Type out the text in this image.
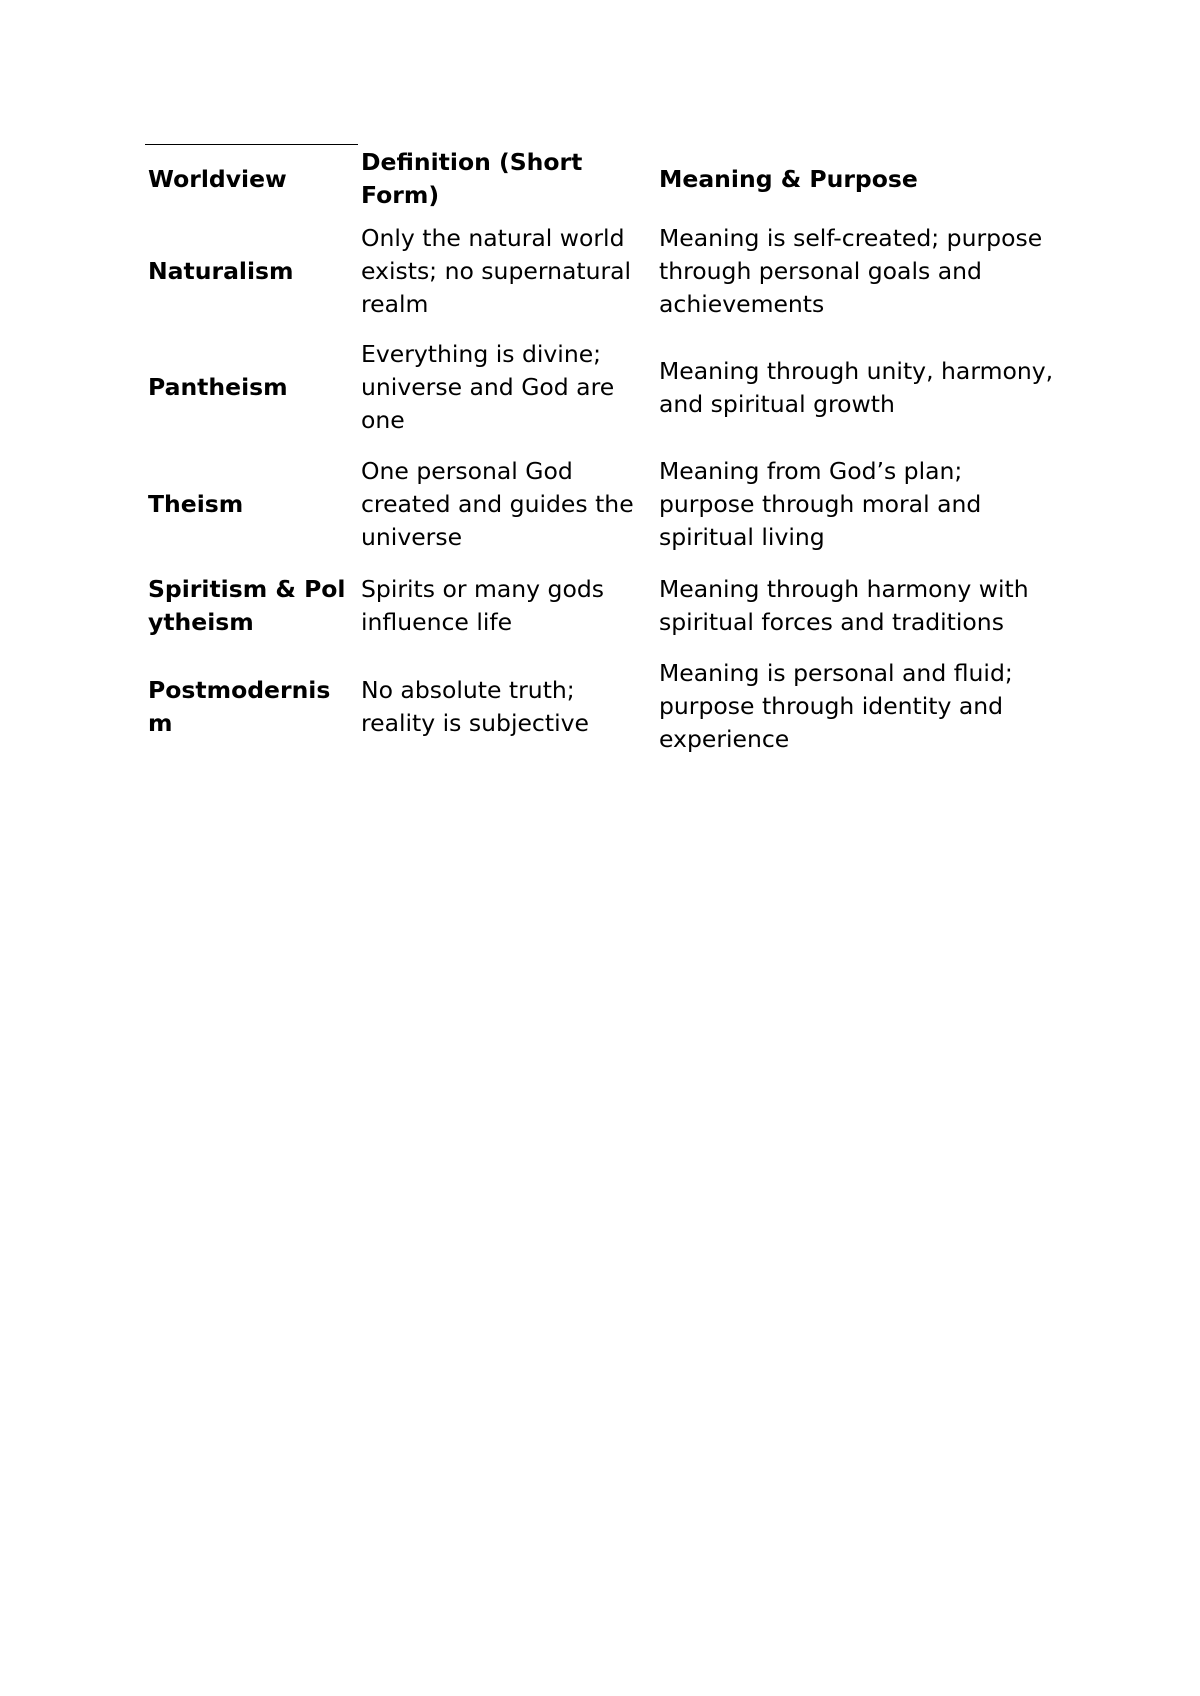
Worldview	Definition (Short Form)	Meaning & Purpose
Naturalism	Only the natural world exists; no supernatural realm	Meaning is self-created; purpose through personal goals and achievements
Pantheism	Everything is divine; universe and God are one	Meaning through unity, harmony, and spiritual growth
Theism	One personal God created and guides the universe	Meaning from God’s plan; purpose through moral and spiritual living
Spiritism & Polytheism	Spirits or many gods influence life	Meaning through harmony with spiritual forces and traditions
Postmodernism	No absolute truth; reality is subjective	Meaning is personal and fluid; purpose through identity and experience
